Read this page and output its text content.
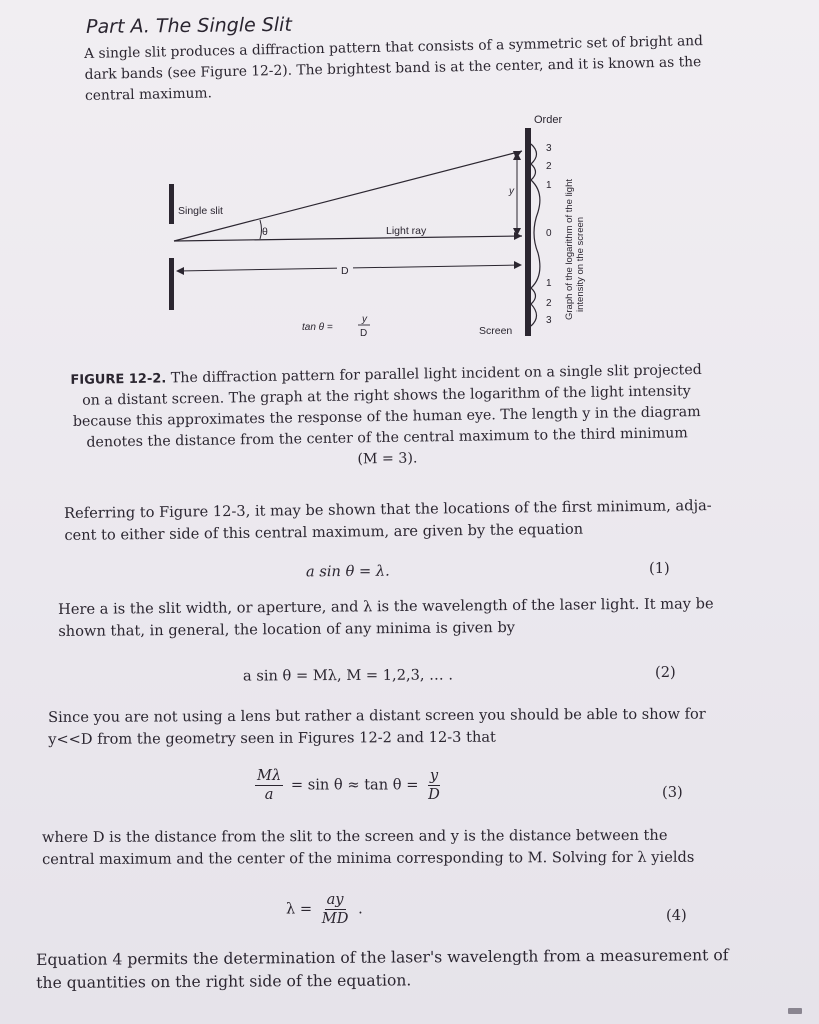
Part A. The Single Slit
A single slit produces a diffraction pattern that consists of a symmetric set of bright and
dark bands (see Figure 12-2). The brightest band is at the center, and it is known as the
central maximum.
Order
3
2
1
0
1
2
3
Single slit
θ	Light ray
D
y
Screen
tan θ =
y
D
Graph of the logarithm of the light intensity on the screen
FIGURE 12-2. The diffraction pattern for parallel light incident on a single slit projected
on a distant screen. The graph at the right shows the logarithm of the light intensity
because this approximates the response of the human eye. The length y in the diagram
denotes the distance from the center of the central maximum to the third minimum
(M = 3).
Referring to Figure 12-3, it may be shown that the locations of the first minimum, adja-
cent to either side of this central maximum, are given by the equation
a sin θ = λ.	(1)
Here a is the slit width, or aperture, and λ is the wavelength of the laser light. It may be
shown that, in general, the location of any minima is given by
a sin θ = Mλ, M = 1,2,3, … .	(2)
Since you are not using a lens but rather a distant screen you should be able to show for
y<<D from the geometry seen in Figures 12-2 and 12-3 that
$\frac{M\lambda}{a} = \sin \theta \approx \tan \theta = \frac{y}{D}$	(3)
where D is the distance from the slit to the screen and y is the distance between the
central maximum and the center of the minima corresponding to M. Solving for λ yields
$\lambda = \frac{ay}{MD}$ .	(4)
Equation 4 permits the determination of the laser's wavelength from a measurement of
the quantities on the right side of the equation.
